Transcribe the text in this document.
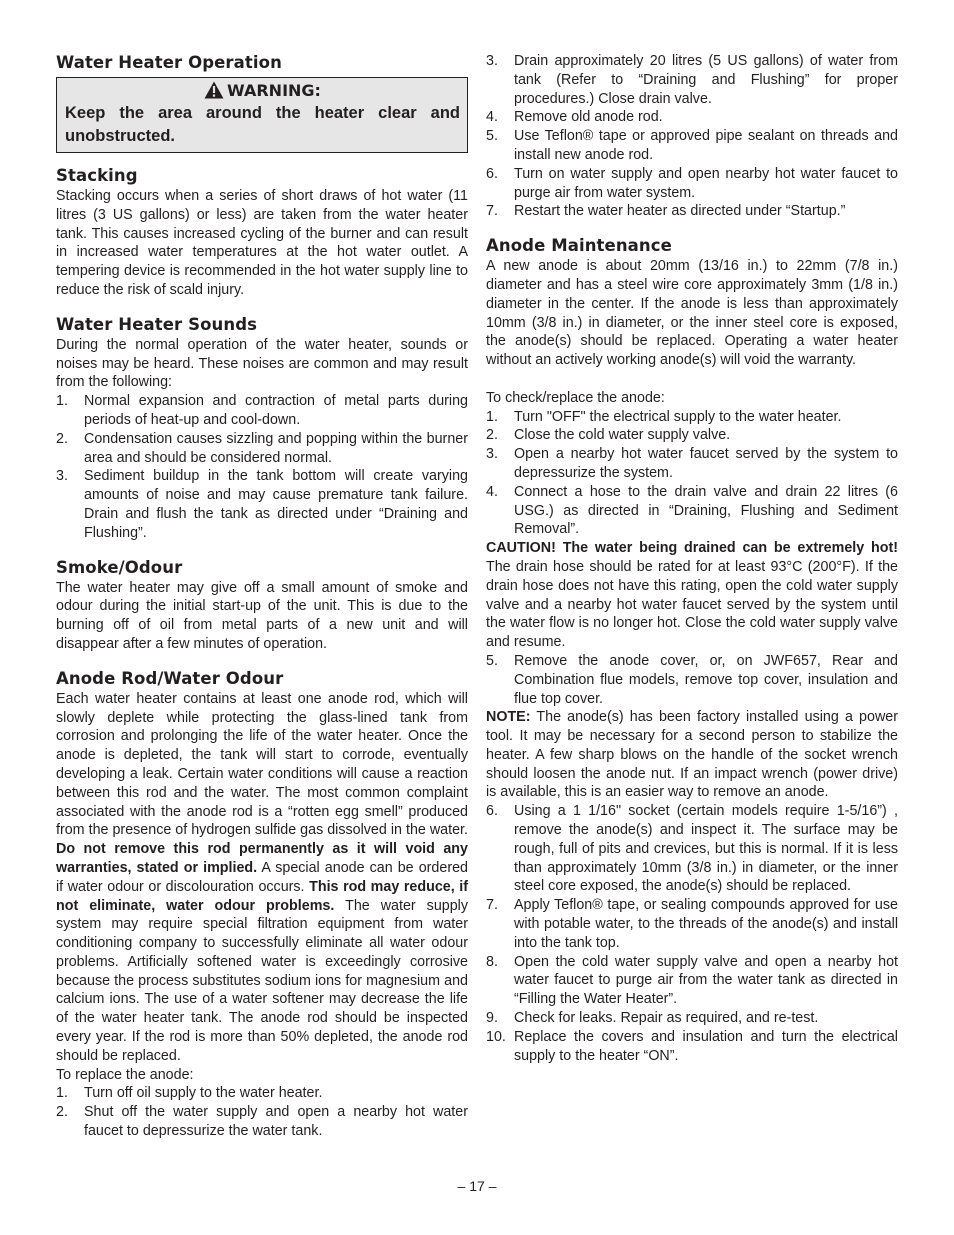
Water Heater Operation
WARNING:
Keep the area around the heater clear and unobstructed.
Stacking

Stacking occurs when a series of short draws of hot water (11 litres (3 US gallons) or less) are taken from the water heater tank. This causes increased cycling of the burner and can result in increased water temperatures at the hot water outlet. A tempering device is recommended in the hot water supply line to reduce the risk of scald injury.

Water Heater Sounds

During the normal operation of the water heater, sounds or noises may be heard. These noises are common and may result from the following:

1. Normal expansion and contraction of metal parts during periods of heat-up and cool-down.
2. Condensation causes sizzling and popping within the burner area and should be considered normal.
3. Sediment buildup in the tank bottom will create varying amounts of noise and may cause premature tank failure. Drain and flush the tank as directed under “Draining and Flushing”.
Smoke/Odour

The water heater may give off a small amount of smoke and odour during the initial start-up of the unit. This is due to the burning off of oil from metal parts of a new unit and will disappear after a few minutes of operation.

Anode Rod/Water Odour

Each water heater contains at least one anode rod, which will slowly deplete while protecting the glass-lined tank from corrosion and prolonging the life of the water heater. Once the anode is depleted, the tank will start to corrode, eventually developing a leak. Certain water conditions will cause a reaction between this rod and the water. The most common complaint associated with the anode rod is a “rotten egg smell” produced from the presence of hydrogen sulfide gas dissolved in the water. Do not remove this rod permanently as it will void any warranties, stated or implied. A special anode can be ordered if water odour or discolouration occurs. This rod may reduce, if not eliminate, water odour problems. The water supply system may require special filtration equipment from water conditioning company to successfully eliminate all water odour problems. Artificially softened water is exceedingly corrosive because the process substitutes sodium ions for magnesium and calcium ions. The use of a water softener may decrease the life of the water heater tank. The anode rod should be inspected every year. If the rod is more than 50% depleted, the anode rod should be replaced.

To replace the anode:

1. Turn off oil supply to the water heater.
2. Shut off the water supply and open a nearby hot water faucet to depressurize the water tank.
3. Drain approximately 20 litres (5 US gallons) of water from tank (Refer to “Draining and Flushing” for proper procedures.) Close drain valve.
4. Remove old anode rod.
5. Use Teflon® tape or approved pipe sealant on threads and install new anode rod.
6. Turn on water supply and open nearby hot water faucet to purge air from water system.
7. Restart the water heater as directed under “Startup.”
Anode Maintenance

A new anode is about 20mm (13/16 in.) to 22mm (7/8 in.) diameter and has a steel wire core approximately 3mm (1/8 in.) diameter in the center. If the anode is less than approximately 10mm (3/8 in.) in diameter, or the inner steel core is exposed, the anode(s) should be replaced. Operating a water heater without an actively working anode(s) will void the warranty.

To check/replace the anode:

1. Turn "OFF" the electrical supply to the water heater.
2. Close the cold water supply valve.
3. Open a nearby hot water faucet served by the system to depressurize the system.
4. Connect a hose to the drain valve and drain 22 litres (6 USG.) as directed in “Draining, Flushing and Sediment Removal”.

CAUTION! The water being drained can be extremely hot! The drain hose should be rated for at least 93°C (200°F). If the drain hose does not have this rating, open the cold water supply valve and a nearby hot water faucet served by the system until the water flow is no longer hot. Close the cold water supply valve and resume.

5. Remove the anode cover, or, on JWF657, Rear and Combination flue models, remove top cover, insulation and flue top cover.

NOTE: The anode(s) has been factory installed using a power tool. It may be necessary for a second person to stabilize the heater. A few sharp blows on the handle of the socket wrench should loosen the anode nut. If an impact wrench (power drive) is available, this is an easier way to remove an anode.

6. Using a 1 1/16" socket (certain models require 1-5/16”) , remove the anode(s) and inspect it. The surface may be rough, full of pits and crevices, but this is normal. If it is less than approximately 10mm (3/8 in.) in diameter, or the inner steel core exposed, the anode(s) should be replaced.
7. Apply Teflon® tape, or sealing compounds approved for use with potable water, to the threads of the anode(s) and install into the tank top.
8. Open the cold water supply valve and open a nearby hot water faucet to purge air from the water tank as directed in “Filling the Water Heater”.
9. Check for leaks. Repair as required, and re-test.
10. Replace the covers and insulation and turn the electrical supply to the heater “ON”.
– 17 –
